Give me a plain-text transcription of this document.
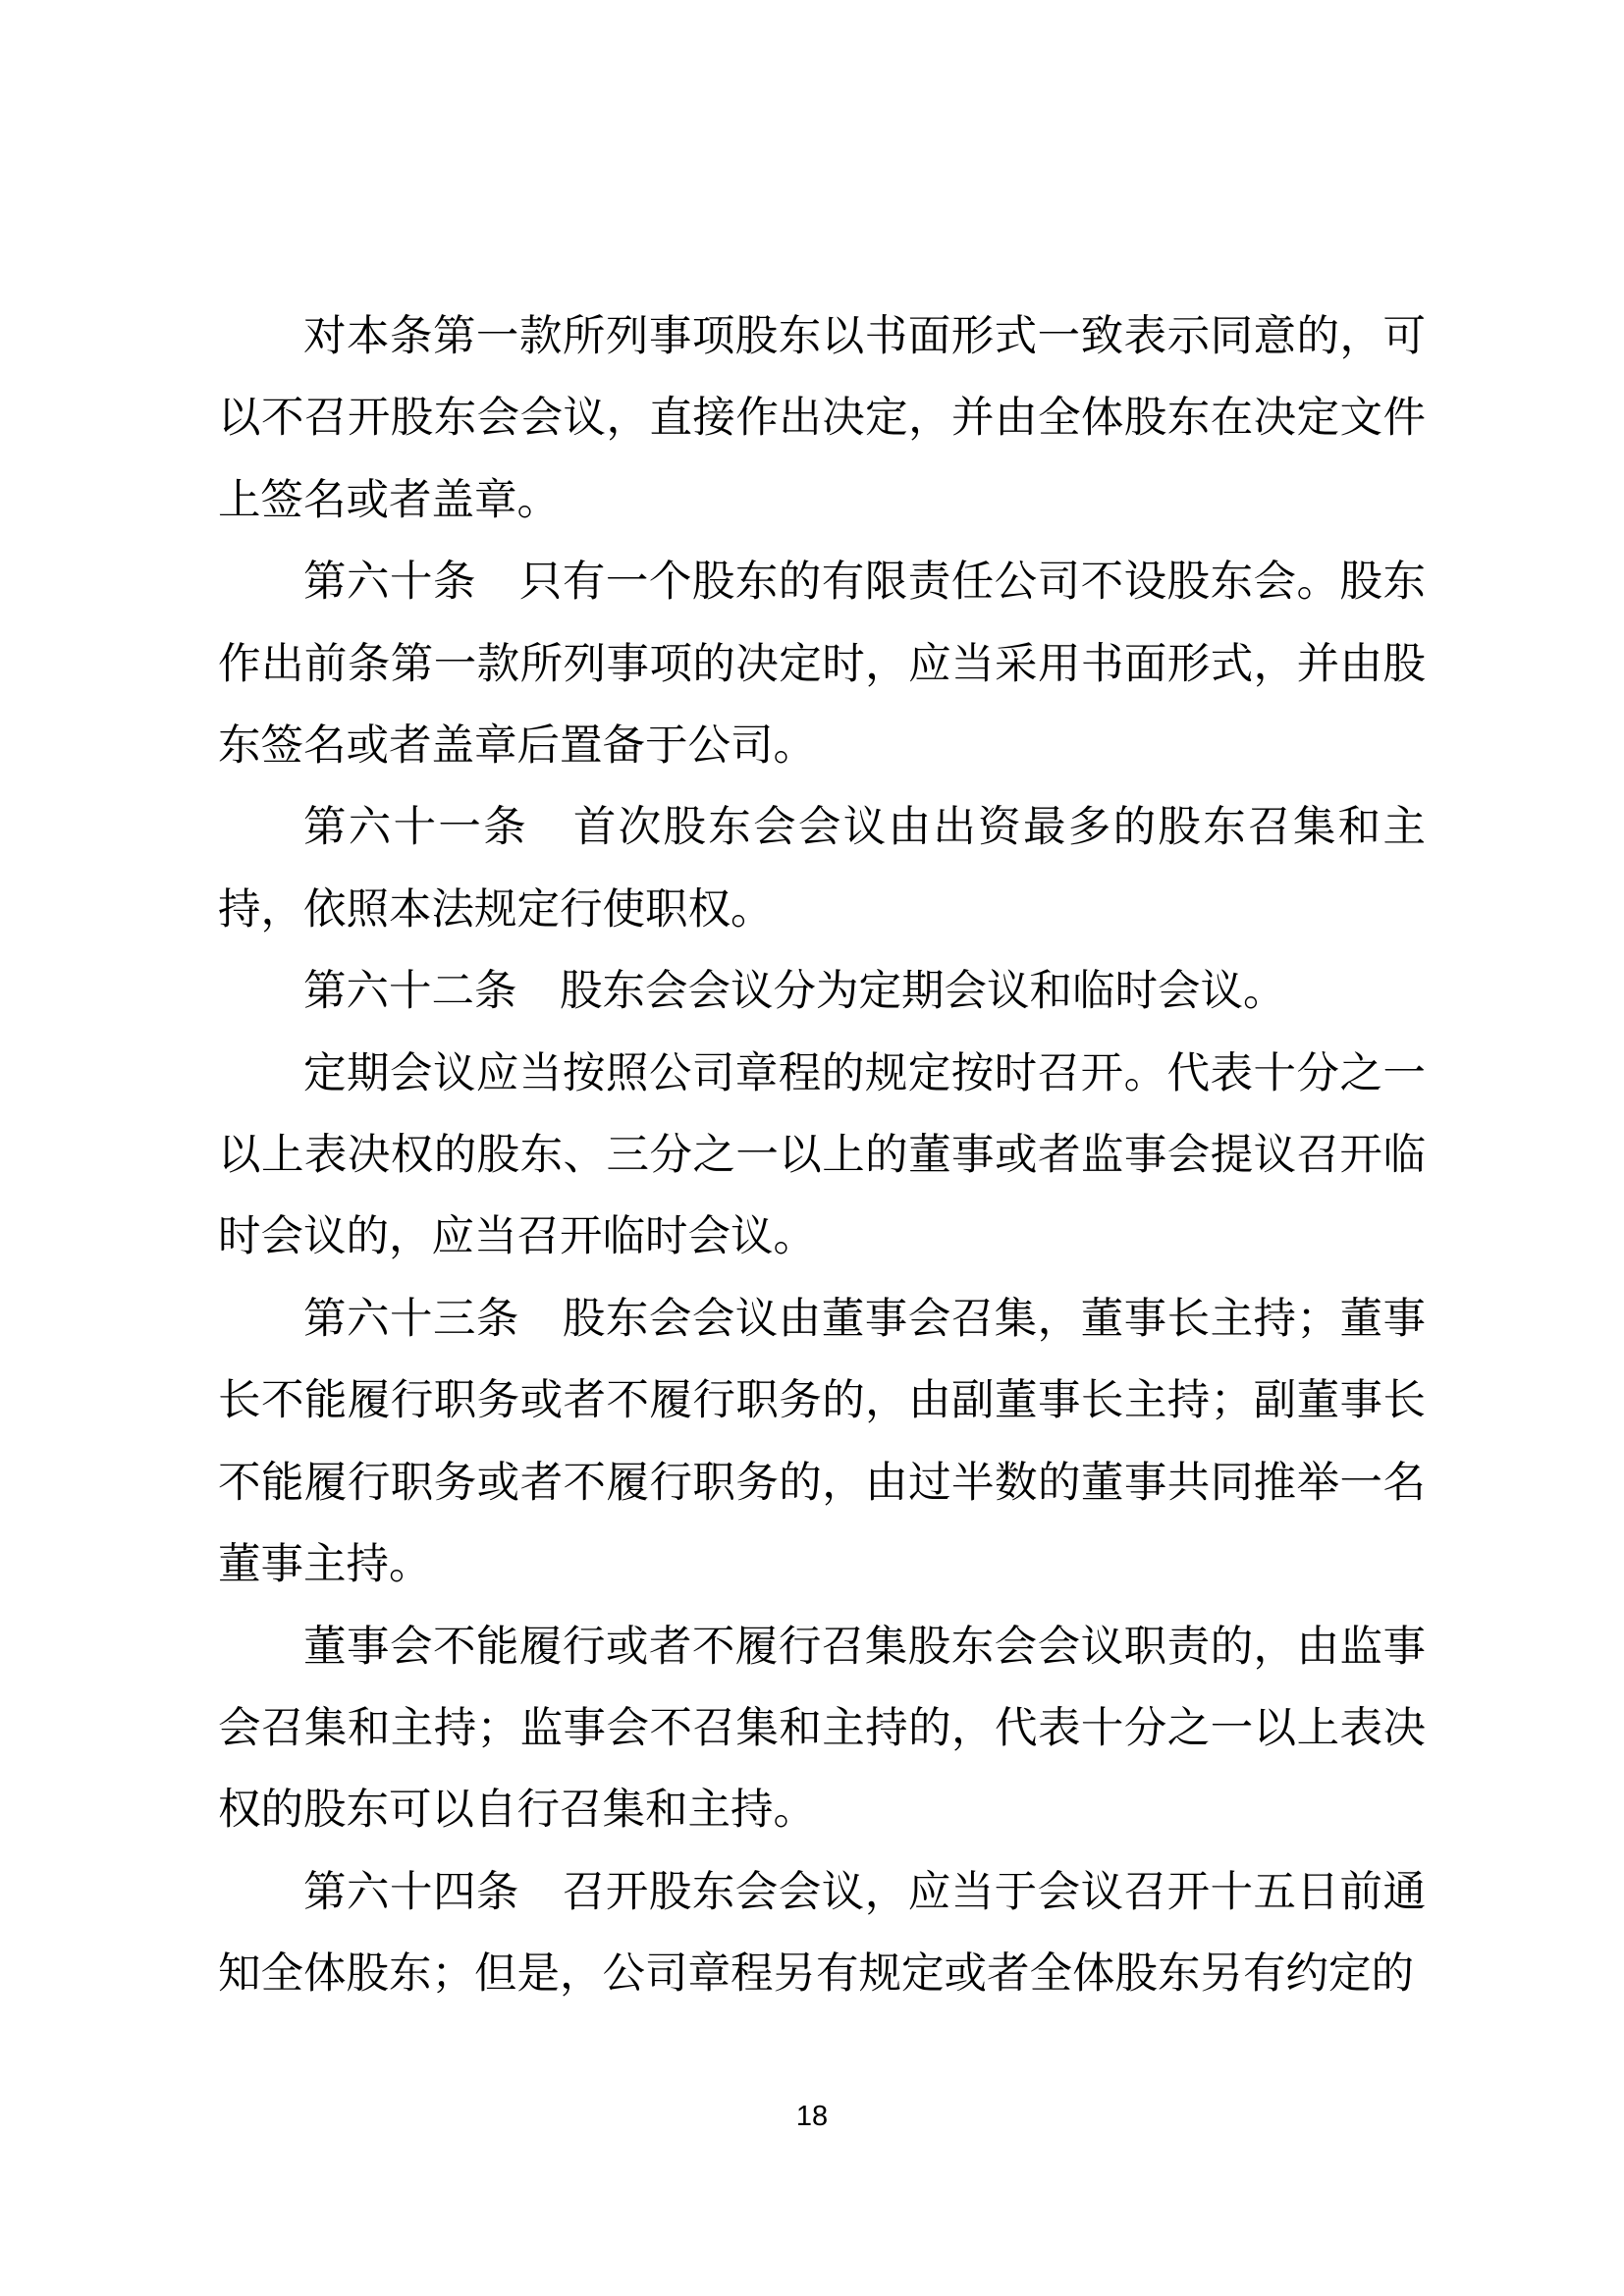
对本条第一款所列事项股东以书面形式一致表示同意的，可以不召开股东会会议，直接作出决定，并由全体股东在决定文件上签名或者盖章。

第六十条　只有一个股东的有限责任公司不设股东会。股东作出前条第一款所列事项的决定时，应当采用书面形式，并由股东签名或者盖章后置备于公司。

第六十一条　首次股东会会议由出资最多的股东召集和主持，依照本法规定行使职权。

第六十二条　股东会会议分为定期会议和临时会议。

定期会议应当按照公司章程的规定按时召开。代表十分之一以上表决权的股东、三分之一以上的董事或者监事会提议召开临时会议的，应当召开临时会议。

第六十三条　股东会会议由董事会召集，董事长主持；董事长不能履行职务或者不履行职务的，由副董事长主持；副董事长不能履行职务或者不履行职务的，由过半数的董事共同推举一名董事主持。

董事会不能履行或者不履行召集股东会会议职责的，由监事会召集和主持；监事会不召集和主持的，代表十分之一以上表决权的股东可以自行召集和主持。

第六十四条　召开股东会会议，应当于会议召开十五日前通知全体股东；但是，公司章程另有规定或者全体股东另有约定的

18
